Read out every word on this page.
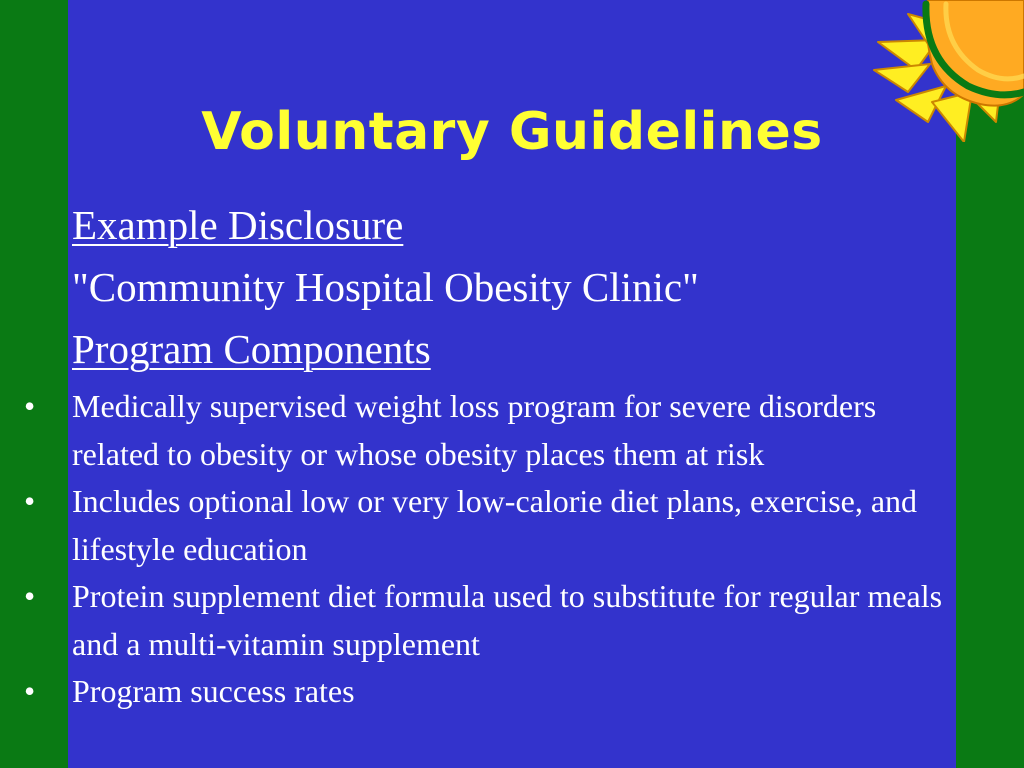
Voluntary Guidelines
Example Disclosure
"Community Hospital Obesity Clinic"
Program Components
• Medically supervised weight loss program for severe disorders related to obesity or whose obesity places them at risk
• Includes optional low or very low-calorie diet plans, exercise, and lifestyle education
• Protein supplement diet formula used to substitute for regular meals and a multi-vitamin supplement
• Program success rates
